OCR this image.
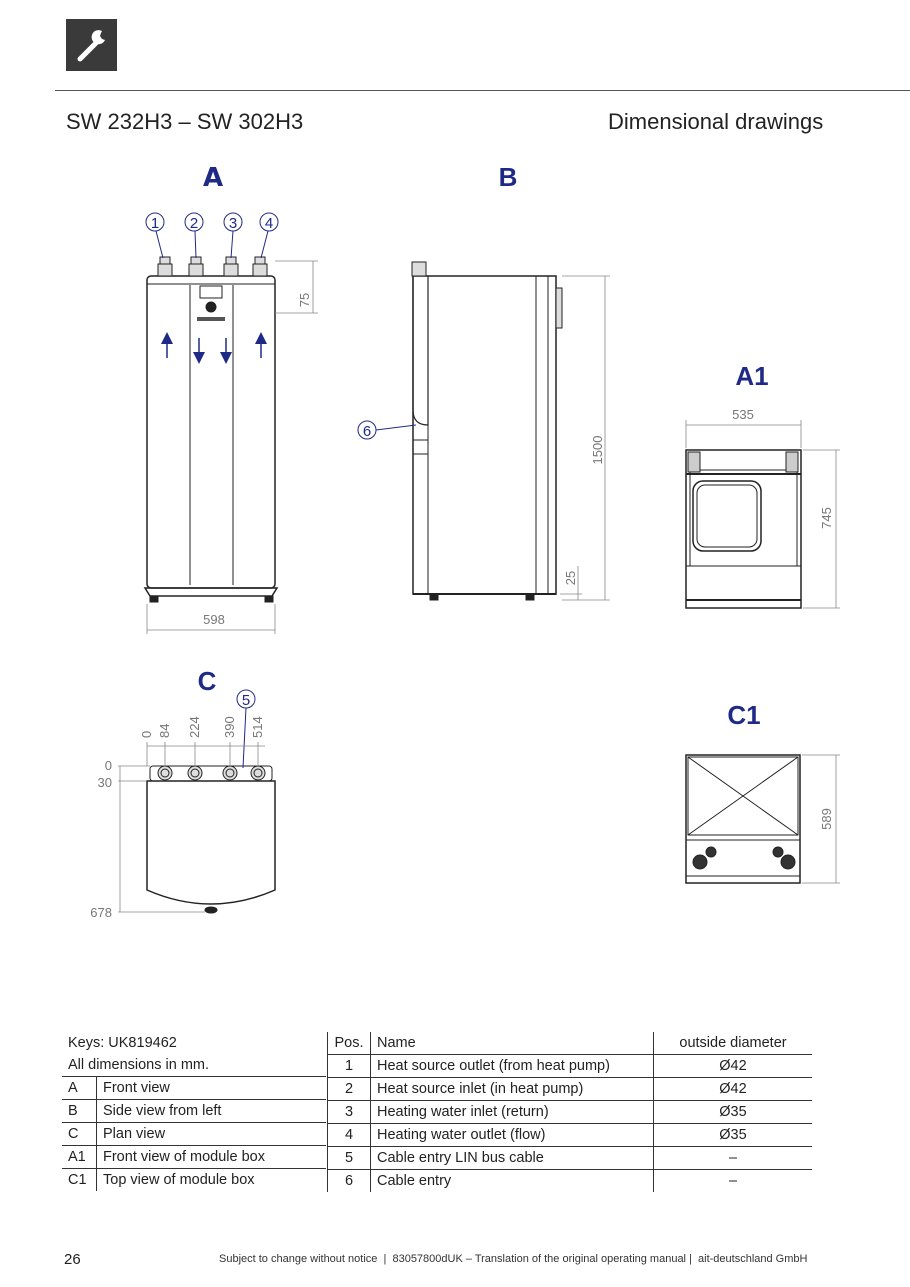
SW 232H3 – SW 302H3	Dimensional drawings
A	B
A1
C
C1
1 2 3 4
75
598
6
1500
25
535
745
5
0 84 224 390 514
0
30
678
589
Keys: UK819462	
All dimensions in mm.	
A	Front view
B	Side view from left
C	Plan view
A1	Front view of module box
C1	Top view of module box
Pos.	Name	outside diameter
1	Heat source outlet (from heat pump)	Ø42
2	Heat source inlet (in heat pump)	Ø42
3	Heating water inlet (return)	Ø35
4	Heating water outlet (flow)	Ø35
5	Cable entry LIN bus cable	–
6	Cable entry	–
26	Subject to change without notice  |  83057800dUK – Translation of the original operating manual |  ait-deutschland GmbH
